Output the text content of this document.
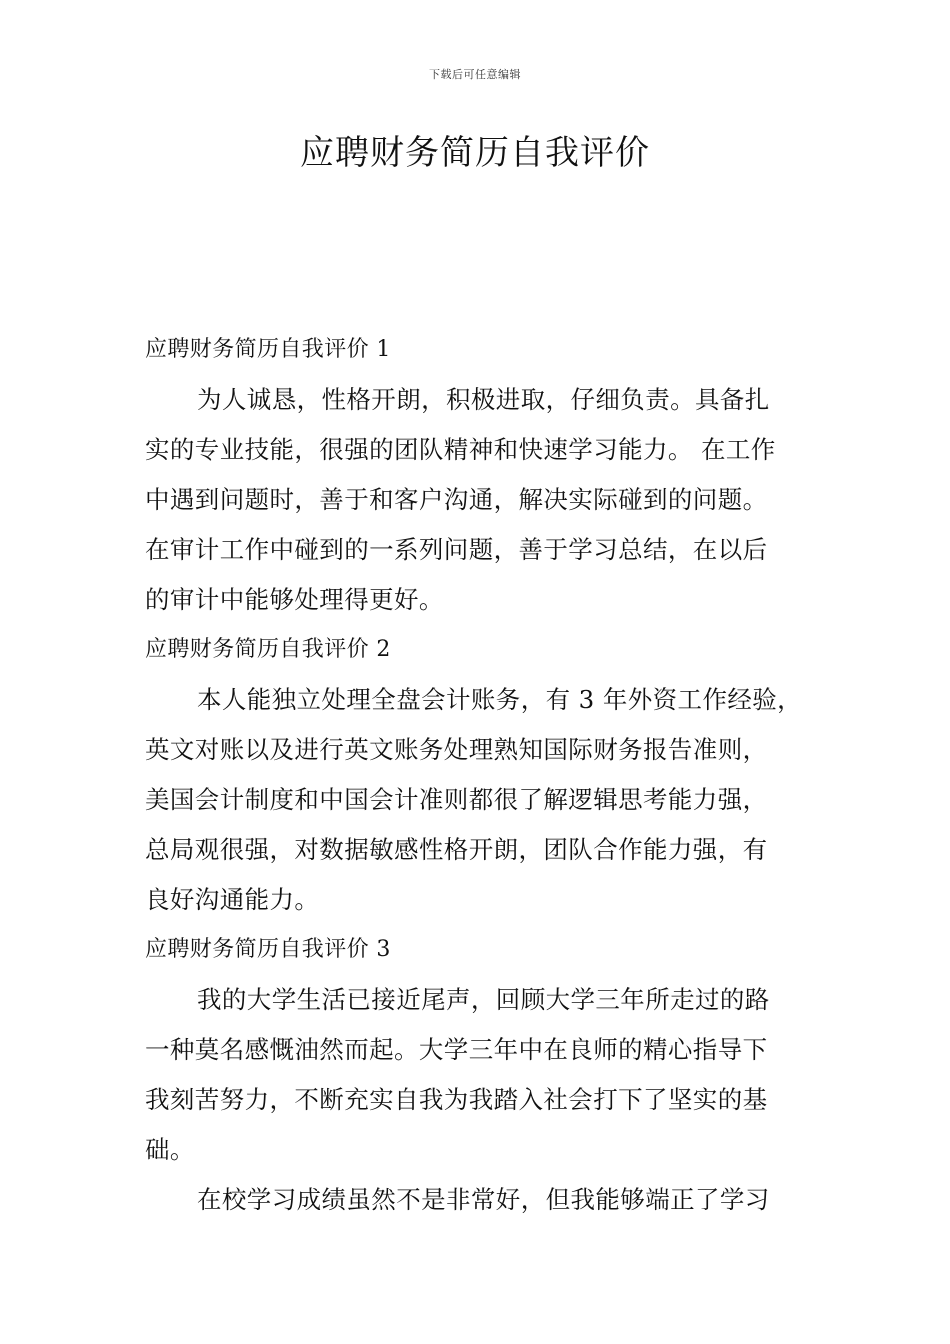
下载后可任意编辑
应聘财务简历自我评价
应聘财务简历自我评价 1
为人诚恳，性格开朗，积极进取，仔细负责。具备扎
实的专业技能，很强的团队精神和快速学习能力。 在工作
中遇到问题时，善于和客户沟通，解决实际碰到的问题。
在审计工作中碰到的一系列问题，善于学习总结，在以后
的审计中能够处理得更好。
应聘财务简历自我评价 2
本人能独立处理全盘会计账务，有 3 年外资工作经验，
英文对账以及进行英文账务处理熟知国际财务报告准则，
美国会计制度和中国会计准则都很了解逻辑思考能力强，
总局观很强，对数据敏感性格开朗，团队合作能力强，有
良好沟通能力。
应聘财务简历自我评价 3
我的大学生活已接近尾声，回顾大学三年所走过的路
一种莫名感慨油然而起。大学三年中在良师的精心指导下
我刻苦努力，不断充实自我为我踏入社会打下了坚实的基
础。
在校学习成绩虽然不是非常好，但我能够端正了学习
